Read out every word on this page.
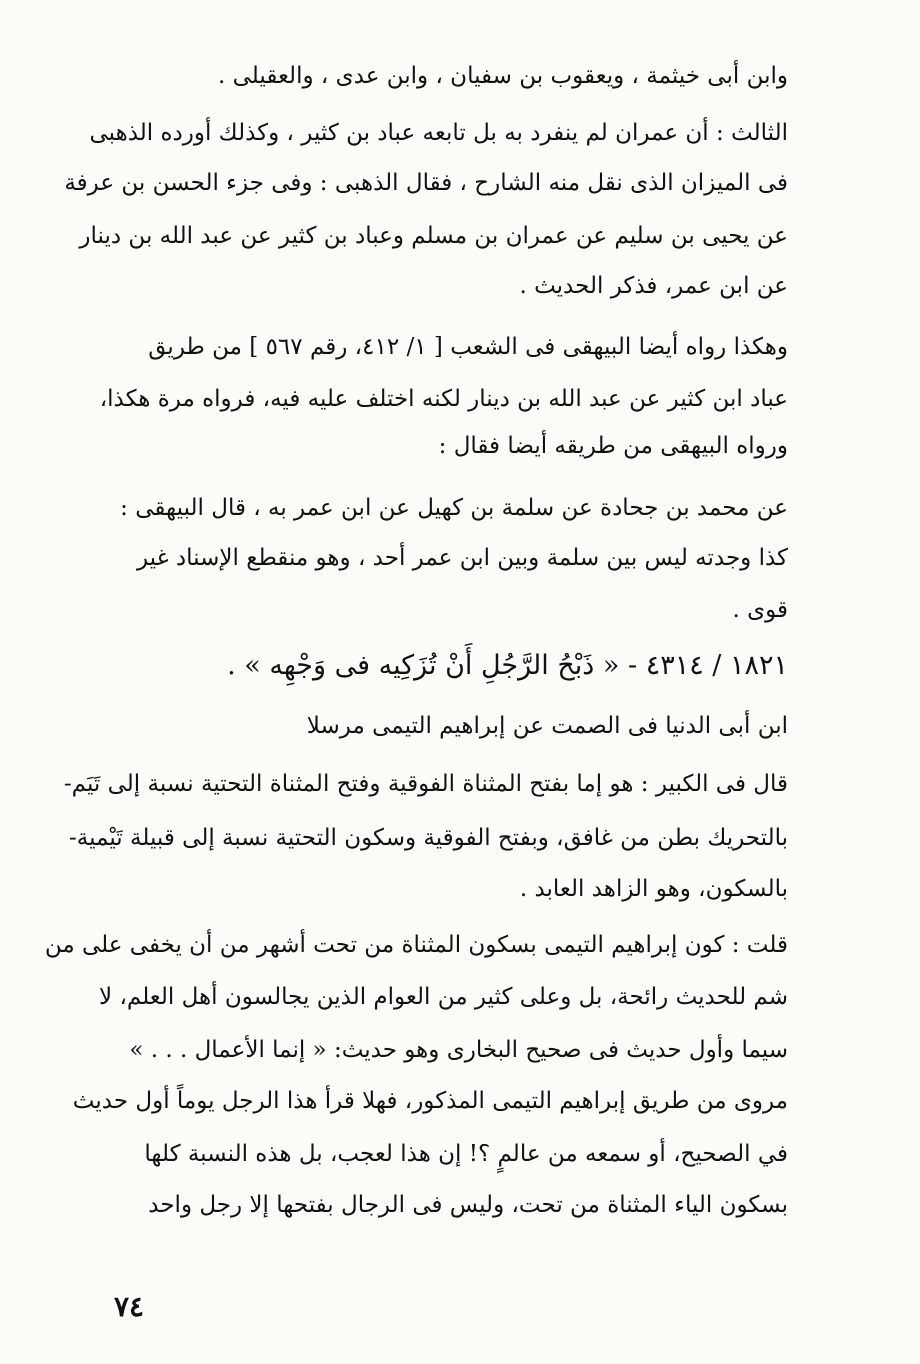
وابن أبى خيثمة ، ويعقوب بن سفيان ، وابن عدى ، والعقيلى .
الثالث : أن عمران لم ينفرد به بل تابعه عباد بن كثير ، وكذلك أورده الذهبى
فى الميزان الذى نقل منه الشارح ، فقال الذهبى : وفى جزء الحسن بن عرفة
عن يحيى بن سليم عن عمران بن مسلم وعباد بن كثير عن عبد الله بن دينار
عن ابن عمر، فذكر الحديث .
وهكذا رواه أيضا البيهقى فى الشعب [ ١/ ٤١٢، رقم ٥٦٧ ] من طريق
عباد ابن كثير عن عبد الله بن دينار لكنه اختلف عليه فيه، فرواه مرة هكذا،
ورواه البيهقى من طريقه أيضا فقال :
عن محمد بن جحادة عن سلمة بن كهيل عن ابن عمر به ، قال البيهقى :
كذا وجدته ليس بين سلمة وبين ابن عمر أحد ، وهو منقطع الإسناد غير
قوى .
١٨٢١ / ٤٣١٤ - « ذَبْحُ الرَّجُلِ أَنْ تُزَكِيه فى وَجْهِه » .
ابن أبى الدنيا فى الصمت عن إبراهيم التيمى مرسلا
قال فى الكبير : هو إما بفتح المثناة الفوقية وفتح المثناة التحتية نسبة إلى تَيَم-
بالتحريك بطن من غافق، وبفتح الفوقية وسكون التحتية نسبة إلى قبيلة تَيْمية-
بالسكون، وهو الزاهد العابد .
قلت : كون إبراهيم التيمى بسكون المثناة من تحت أشهر من أن يخفى على من
شم للحديث رائحة، بل وعلى كثير من العوام الذين يجالسون أهل العلم، لا
سيما وأول حديث فى صحيح البخارى وهو حديث: « إنما الأعمال . . . »
مروى من طريق إبراهيم التيمى المذكور، فهلا قرأ هذا الرجل يوماً أول حديث
في الصحيح، أو سمعه من عالمٍ ؟! إن هذا لعجب، بل هذه النسبة كلها
بسكون الياء المثناة من تحت، وليس فى الرجال بفتحها إلا رجل واحد
٧٤
